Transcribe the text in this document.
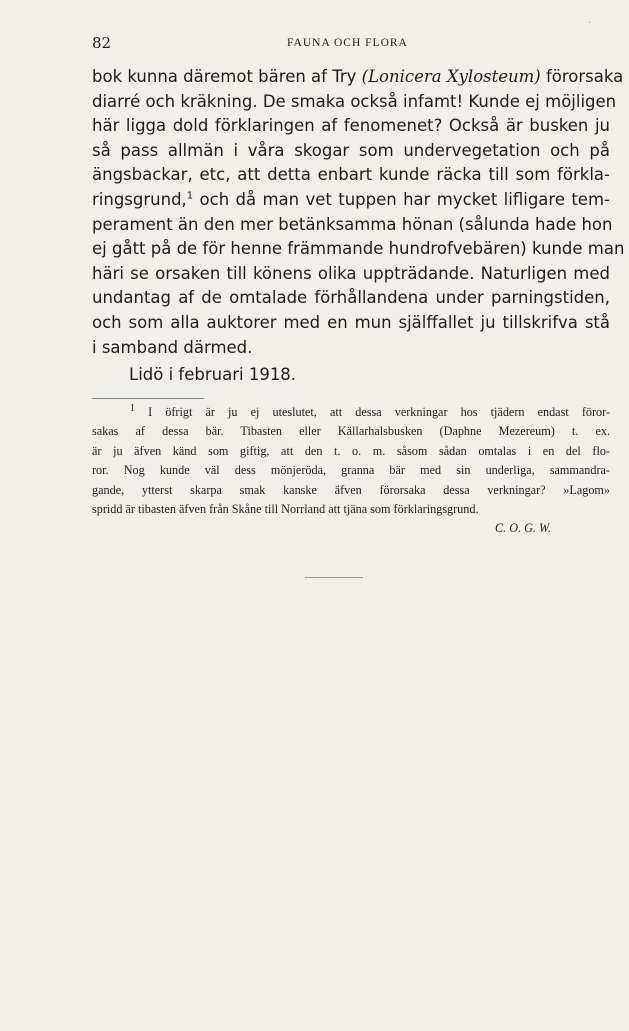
82	FAUNA OCH FLORA
·
bok kunna däremot bären af Try (Lonicera Xylosteum) förorsaka
diarré och kräkning. De smaka också infamt! Kunde ej möjligen
här ligga dold förklaringen af fenomenet? Också är busken ju
så pass allmän i våra skogar som undervegetation och på
ängsbackar, etc, att detta enbart kunde räcka till som förkla-
ringsgrund,$^1$ och då man vet tuppen har mycket lifligare tem-
perament än den mer betänksamma hönan (sålunda hade hon
ej gått på de för henne främmande hundrofvebären) kunde man
häri se orsaken till könens olika uppträdande. Naturligen med
undantag af de omtalade förhållandena under parningstiden,
och som alla auktorer med en mun själffallet ju tillskrifva stå
i samband därmed.
Lidö i februari 1918.
$^1$ I öfrigt är ju ej uteslutet, att dessa verkningar hos tjädern endast föror-
sakas af dessa bär. Tibasten eller Källarhalsbusken (Daphne Mezereum) t. ex.
är ju äfven känd som giftig, att den t. o. m. såsom sådan omtalas i en del flo-
ror. Nog kunde väl dess mönjeröda, granna bär med sin underliga, sammandra-
gande, ytterst skarpa smak kanske äfven förorsaka dessa verkningar? »Lagom»
spridd är tibasten äfven från Skåne till Norrland att tjäna som förklaringsgrund.
C. O. G. W.
